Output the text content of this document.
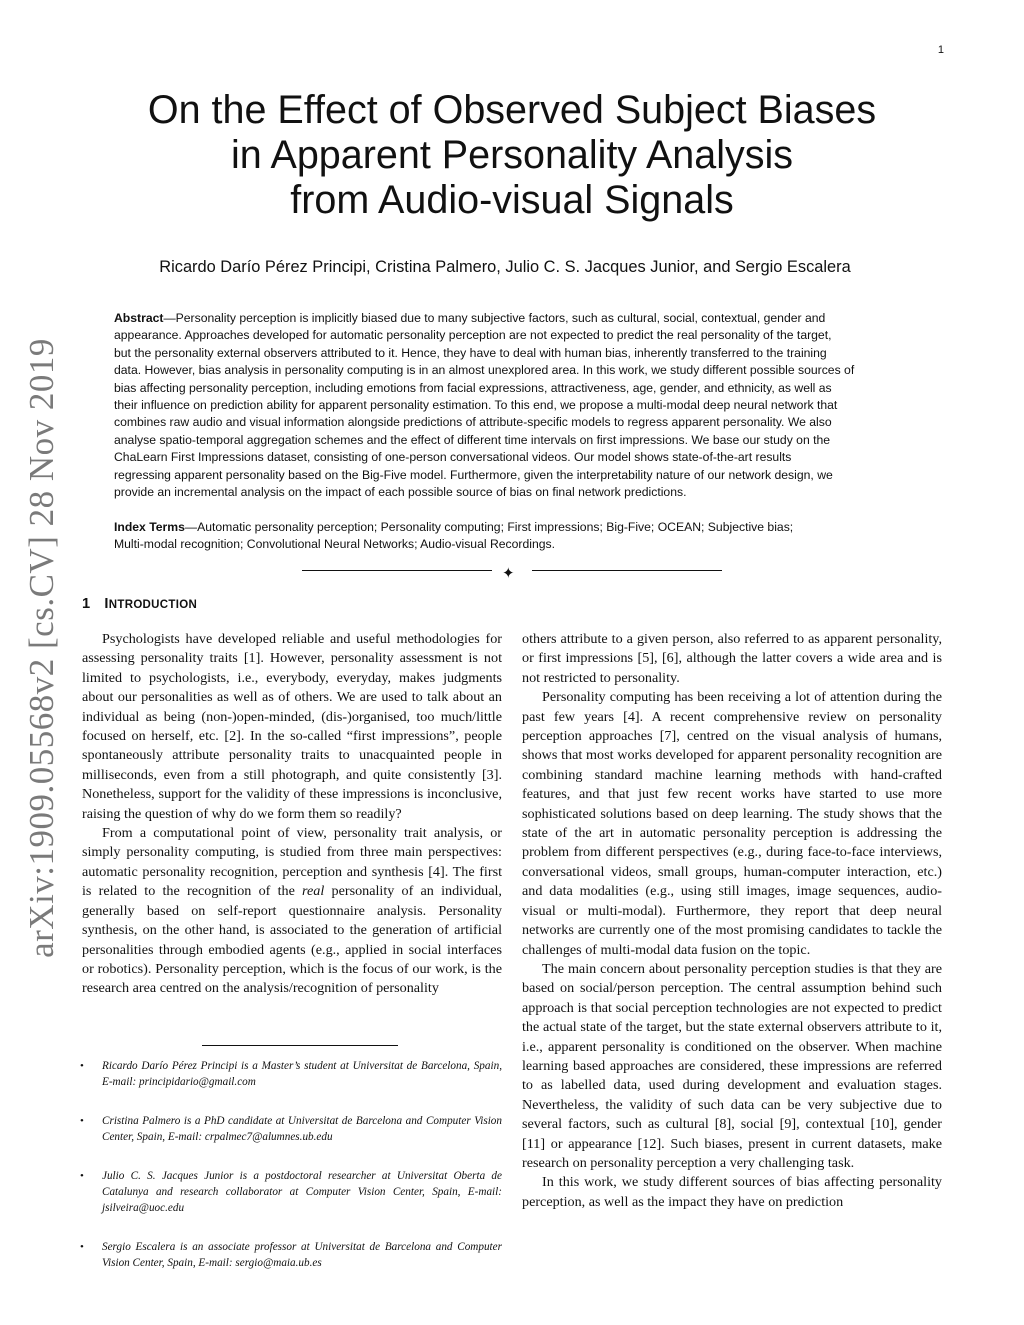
1
arXiv:1909.05568v2 [cs.CV] 28 Nov 2019
On the Effect of Observed Subject Biases
in Apparent Personality Analysis
from Audio-visual Signals
Ricardo Darío Pérez Principi, Cristina Palmero, Julio C. S. Jacques Junior, and Sergio Escalera
Abstract—Personality perception is implicitly biased due to many subjective factors, such as cultural, social, contextual, gender and
appearance. Approaches developed for automatic personality perception are not expected to predict the real personality of the target,
but the personality external observers attributed to it. Hence, they have to deal with human bias, inherently transferred to the training
data. However, bias analysis in personality computing is in an almost unexplored area. In this work, we study different possible sources of
bias affecting personality perception, including emotions from facial expressions, attractiveness, age, gender, and ethnicity, as well as
their influence on prediction ability for apparent personality estimation. To this end, we propose a multi-modal deep neural network that
combines raw audio and visual information alongside predictions of attribute-specific models to regress apparent personality. We also
analyse spatio-temporal aggregation schemes and the effect of different time intervals on first impressions. We base our study on the
ChaLearn First Impressions dataset, consisting of one-person conversational videos. Our model shows state-of-the-art results
regressing apparent personality based on the Big-Five model. Furthermore, given the interpretability nature of our network design, we
provide an incremental analysis on the impact of each possible source of bias on final network predictions.
Index Terms—Automatic personality perception; Personality computing; First impressions; Big-Five; OCEAN; Subjective bias;
Multi-modal recognition; Convolutional Neural Networks; Audio-visual Recordings.
✦
1 INTRODUCTION

Psychologists have developed reliable and useful methodologies for assessing personality traits [1]. However, personality assessment is not limited to psychologists, i.e., everybody, everyday, makes judgments about our personalities as well as of others. We are used to talk about an individual as being (non-)open-minded, (dis-)organised, too much/little focused on herself, etc. [2]. In the so-called “first impressions”, people spontaneously attribute personality traits to unacquainted people in milliseconds, even from a still photograph, and quite consistently [3]. Nonetheless, support for the validity of these impressions is inconclusive, raising the question of why do we form them so readily?

From a computational point of view, personality trait analysis, or simply personality computing, is studied from three main perspectives: automatic personality recognition, perception and synthesis [4]. The first is related to the recognition of the real personality of an individual, generally based on self-report questionnaire analysis. Personality synthesis, on the other hand, is associated to the generation of artificial personalities through embodied agents (e.g., applied in social interfaces or robotics). Personality perception, which is the focus of our work, is the research area centred on the analysis/recognition of personality

• Ricardo Darío Pérez Principi is a Master’s student at Universitat de Barcelona, Spain, E-mail: principidario@gmail.com
• Cristina Palmero is a PhD candidate at Universitat de Barcelona and Computer Vision Center, Spain, E-mail: crpalmec7@alumnes.ub.edu
• Julio C. S. Jacques Junior is a postdoctoral researcher at Universitat Oberta de Catalunya and research collaborator at Computer Vision Center, Spain, E-mail: jsilveira@uoc.edu
• Sergio Escalera is an associate professor at Universitat de Barcelona and Computer Vision Center, Spain, E-mail: sergio@maia.ub.es

others attribute to a given person, also referred to as apparent personality, or first impressions [5], [6], although the latter covers a wide area and is not restricted to personality.

Personality computing has been receiving a lot of attention during the past few years [4]. A recent comprehensive review on personality perception approaches [7], centred on the visual analysis of humans, shows that most works developed for apparent personality recognition are combining standard machine learning methods with hand-crafted features, and that just few recent works have started to use more sophisticated solutions based on deep learning. The study shows that the state of the art in automatic personality perception is addressing the problem from different perspectives (e.g., during face-to-face interviews, conversational videos, small groups, human-computer interaction, etc.) and data modalities (e.g., using still images, image sequences, audio-visual or multi-modal). Furthermore, they report that deep neural networks are currently one of the most promising candidates to tackle the challenges of multi-modal data fusion on the topic.

The main concern about personality perception studies is that they are based on social/person perception. The central assumption behind such approach is that social perception technologies are not expected to predict the actual state of the target, but the state external observers attribute to it, i.e., apparent personality is conditioned on the observer. When machine learning based approaches are considered, these impressions are referred to as labelled data, used during development and evaluation stages. Nevertheless, the validity of such data can be very subjective due to several factors, such as cultural [8], social [9], contextual [10], gender [11] or appearance [12]. Such biases, present in current datasets, make research on personality perception a very challenging task.

In this work, we study different sources of bias affecting personality perception, as well as the impact they have on prediction
